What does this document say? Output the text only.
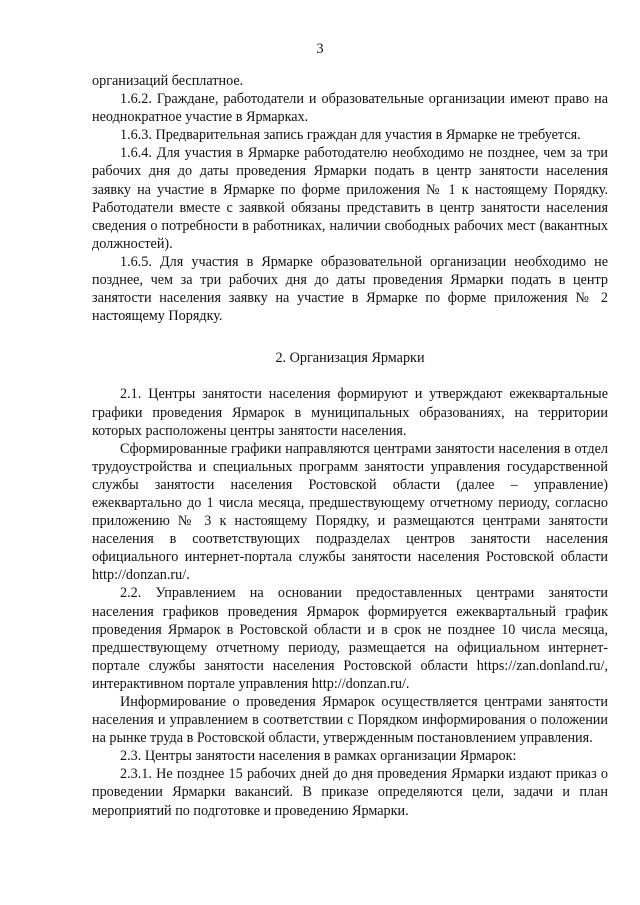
3

организаций бесплатное.

1.6.2. Граждане, работодатели и образовательные организации имеют право на неоднократное участие в Ярмарках.

1.6.3. Предварительная запись граждан для участия в Ярмарке не требуется.

1.6.4. Для участия в Ярмарке работодателю необходимо не позднее, чем за три рабочих дня до даты проведения Ярмарки подать в центр занятости населения заявку на участие в Ярмарке по форме приложения № 1 к настоящему Порядку. Работодатели вместе с заявкой обязаны представить в центр занятости населения сведения о потребности в работниках, наличии свободных рабочих мест (вакантных должностей).

1.6.5. Для участия в Ярмарке образовательной организации необходимо не позднее, чем за три рабочих дня до даты проведения Ярмарки подать в центр занятости населения заявку на участие в Ярмарке по форме приложения № 2 настоящему Порядку.

2. Организация Ярмарки

2.1. Центры занятости населения формируют и утверждают ежеквартальные графики проведения Ярмарок в муниципальных образованиях, на территории которых расположены центры занятости населения.

Сформированные графики направляются центрами занятости населения в отдел трудоустройства и специальных программ занятости управления государственной службы занятости населения Ростовской области (далее – управление) ежеквартально до 1 числа месяца, предшествующему отчетному периоду, согласно приложению № 3 к настоящему Порядку, и размещаются центрами занятости населения в соответствующих подразделах центров занятости населения официального интернет-портала службы занятости населения Ростовской области http://donzan.ru/.

2.2. Управлением на основании предоставленных центрами занятости населения графиков проведения Ярмарок формируется ежеквартальный график проведения Ярмарок в Ростовской области и в срок не позднее 10 числа месяца, предшествующему отчетному периоду, размещается на официальном интернет-портале службы занятости населения Ростовской области https://zan.donland.ru/, интерактивном портале управления http://donzan.ru/.

Информирование о проведения Ярмарок осуществляется центрами занятости населения и управлением в соответствии с Порядком информирования о положении на рынке труда в Ростовской области, утвержденным постановлением управления.

2.3. Центры занятости населения в рамках организации Ярмарок:

2.3.1. Не позднее 15 рабочих дней до дня проведения Ярмарки издают приказ о проведении Ярмарки вакансий. В приказе определяются цели, задачи и план мероприятий по подготовке и проведению Ярмарки.
